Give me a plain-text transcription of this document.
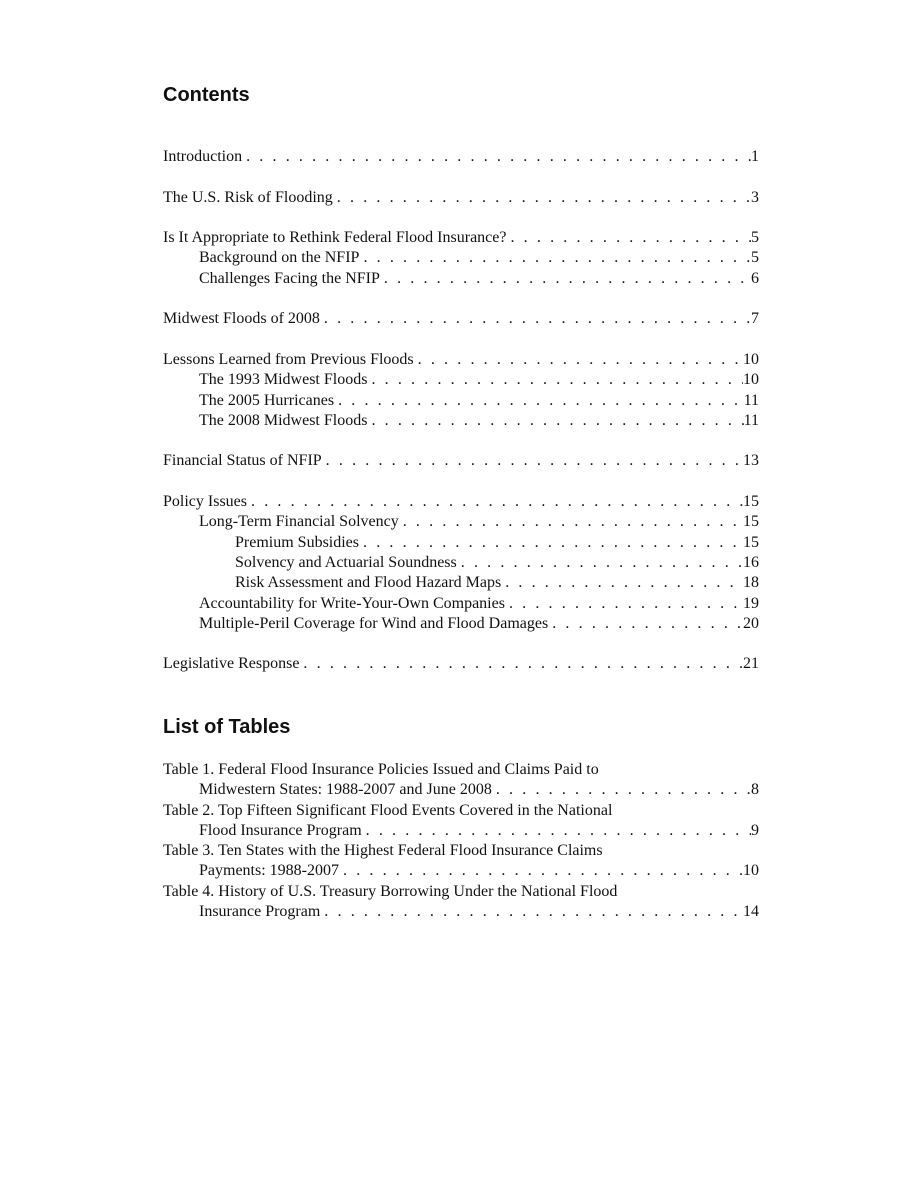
Contents
Introduction . . .	1
The U.S. Risk of Flooding . . .	3
Is It Appropriate to Rethink Federal Flood Insurance? . . .	5
Background on the NFIP . . .	5
Challenges Facing the NFIP . . .	6
Midwest Floods of 2008 . . .	7
Lessons Learned from Previous Floods . . .	10
The 1993 Midwest Floods . . .	10
The 2005 Hurricanes . . .	11
The 2008 Midwest Floods . . .	11
Financial Status of NFIP . . .	13
Policy Issues . . .	15
Long-Term Financial Solvency . . .	15
Premium Subsidies . . .	15
Solvency and Actuarial Soundness . . .	16
Risk Assessment and Flood Hazard Maps . . .	18
Accountability for Write-Your-Own Companies . . .	19
Multiple-Peril Coverage for Wind and Flood Damages . . .	20
Legislative Response . . .	21
List of Tables
Table 1. Federal Flood Insurance Policies Issued and Claims Paid to
Midwestern States: 1988-2007 and June 2008 . . .	8
Table 2. Top Fifteen Significant Flood Events Covered in the National
Flood Insurance Program . . .	9
Table 3. Ten States with the Highest Federal Flood Insurance Claims
Payments: 1988-2007 . . .	10
Table 4. History of U.S. Treasury Borrowing Under the National Flood
Insurance Program . . .	14
